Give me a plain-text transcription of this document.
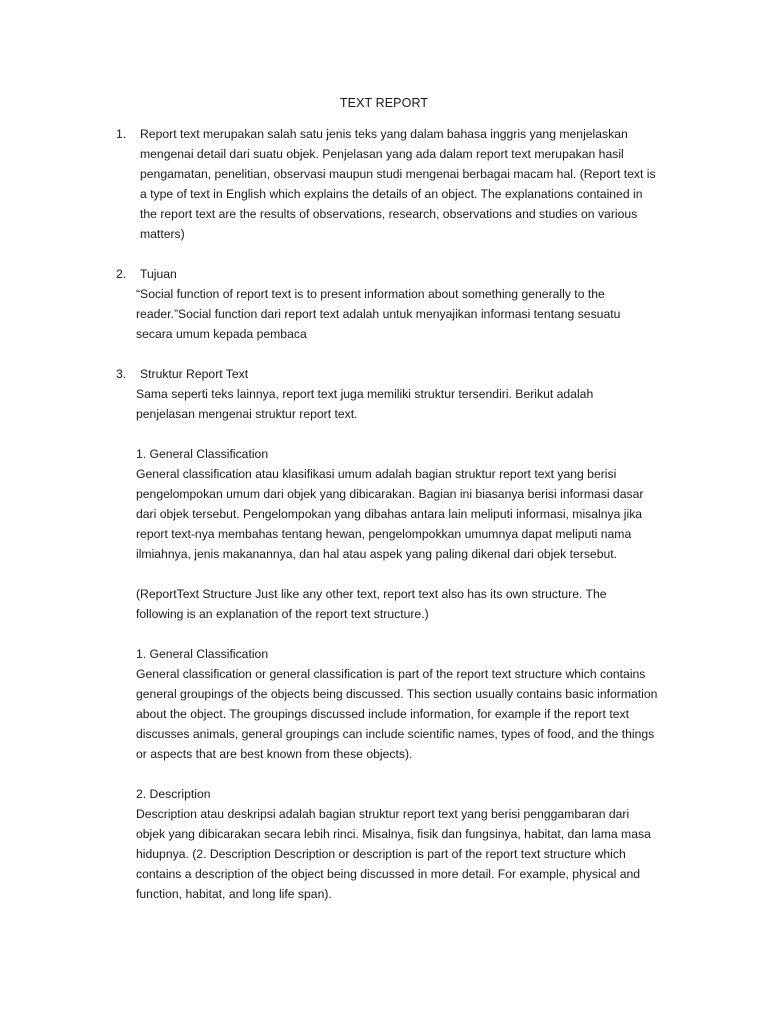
TEXT REPORT
1.	Report text merupakan salah satu jenis teks yang dalam bahasa inggris yang menjelaskan
mengenai detail dari suatu objek. Penjelasan yang ada dalam report text merupakan hasil
pengamatan, penelitian, observasi maupun studi mengenai berbagai macam hal. (Report text is
a type of text in English which explains the details of an object. The explanations contained in
the report text are the results of observations, research, observations and studies on various
matters)
2.	Tujuan
“Social function of report text is to present information about something generally to the
reader.”Social function dari report text adalah untuk menyajikan informasi tentang sesuatu
secara umum kepada pembaca
3.	Struktur Report Text
Sama seperti teks lainnya, report text juga memiliki struktur tersendiri. Berikut adalah
penjelasan mengenai struktur report text.
1. General Classification
General classification atau klasifikasi umum adalah bagian struktur report text yang berisi
pengelompokan umum dari objek yang dibicarakan. Bagian ini biasanya berisi informasi dasar
dari objek tersebut. Pengelompokan yang dibahas antara lain meliputi informasi, misalnya jika
report text-nya membahas tentang hewan, pengelompokkan umumnya dapat meliputi nama
ilmiahnya, jenis makanannya, dan hal atau aspek yang paling dikenal dari objek tersebut.
(ReportText Structure Just like any other text, report text also has its own structure. The
following is an explanation of the report text structure.)
1. General Classification
General classification or general classification is part of the report text structure which contains
general groupings of the objects being discussed. This section usually contains basic information
about the object. The groupings discussed include information, for example if the report text
discusses animals, general groupings can include scientific names, types of food, and the things
or aspects that are best known from these objects).
2. Description
Description atau deskripsi adalah bagian struktur report text yang berisi penggambaran dari
objek yang dibicarakan secara lebih rinci. Misalnya, fisik dan fungsinya, habitat, dan lama masa
hidupnya. (2. Description Description or description is part of the report text structure which
contains a description of the object being discussed in more detail. For example, physical and
function, habitat, and long life span).
